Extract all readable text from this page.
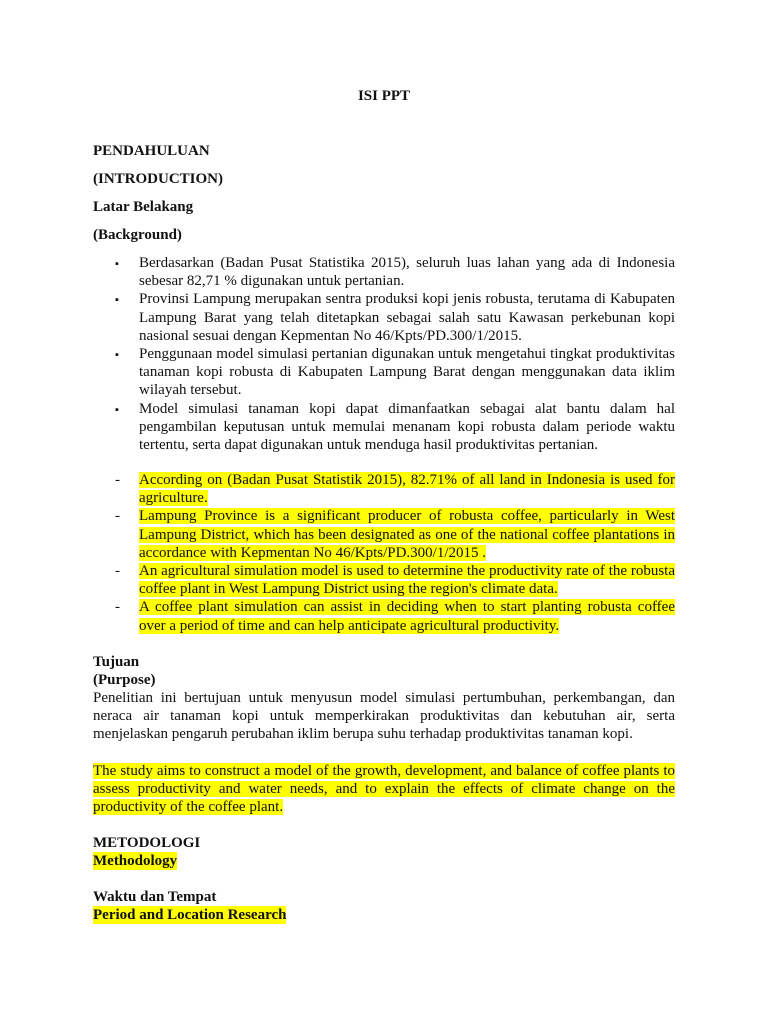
ISI PPT
PENDAHULUAN
(INTRODUCTION)
Latar Belakang
(Background)
▪	Berdasarkan (Badan Pusat Statistika 2015), seluruh luas lahan yang ada di Indonesia sebesar 82,71 % digunakan untuk pertanian.
▪	Provinsi Lampung merupakan sentra produksi kopi jenis robusta, terutama di Kabupaten Lampung Barat yang telah ditetapkan sebagai salah satu Kawasan perkebunan kopi nasional sesuai dengan Kepmentan No 46/Kpts/PD.300/1/2015.
▪	Penggunaan model simulasi pertanian digunakan untuk mengetahui tingkat produktivitas tanaman kopi robusta di Kabupaten Lampung Barat dengan menggunakan data iklim wilayah tersebut.
▪	Model simulasi tanaman kopi dapat dimanfaatkan sebagai alat bantu dalam hal pengambilan keputusan untuk memulai menanam kopi robusta dalam periode waktu tertentu, serta dapat digunakan untuk menduga hasil produktivitas pertanian.
-	According on (Badan Pusat Statistik 2015), 82.71% of all land in Indonesia is used for agriculture.
-	Lampung Province is a significant producer of robusta coffee, particularly in West Lampung District, which has been designated as one of the national coffee plantations in accordance with Kepmentan No 46/Kpts/PD.300/1/2015 .
-	An agricultural simulation model is used to determine the productivity rate of the robusta coffee plant in West Lampung District using the region's climate data.
-	A coffee plant simulation can assist in deciding when to start planting robusta coffee over a period of time and can help anticipate agricultural productivity.
Tujuan
(Purpose)

Penelitian ini bertujuan untuk menyusun model simulasi pertumbuhan, perkembangan, dan neraca air tanaman kopi untuk memperkirakan produktivitas dan kebutuhan air, serta menjelaskan pengaruh perubahan iklim berupa suhu terhadap produktivitas tanaman kopi.

The study aims to construct a model of the growth, development, and balance of coffee plants to assess productivity and water needs, and to explain the effects of climate change on the productivity of the coffee plant.

METODOLOGI
Methodology
Waktu dan Tempat
Period and Location Research
